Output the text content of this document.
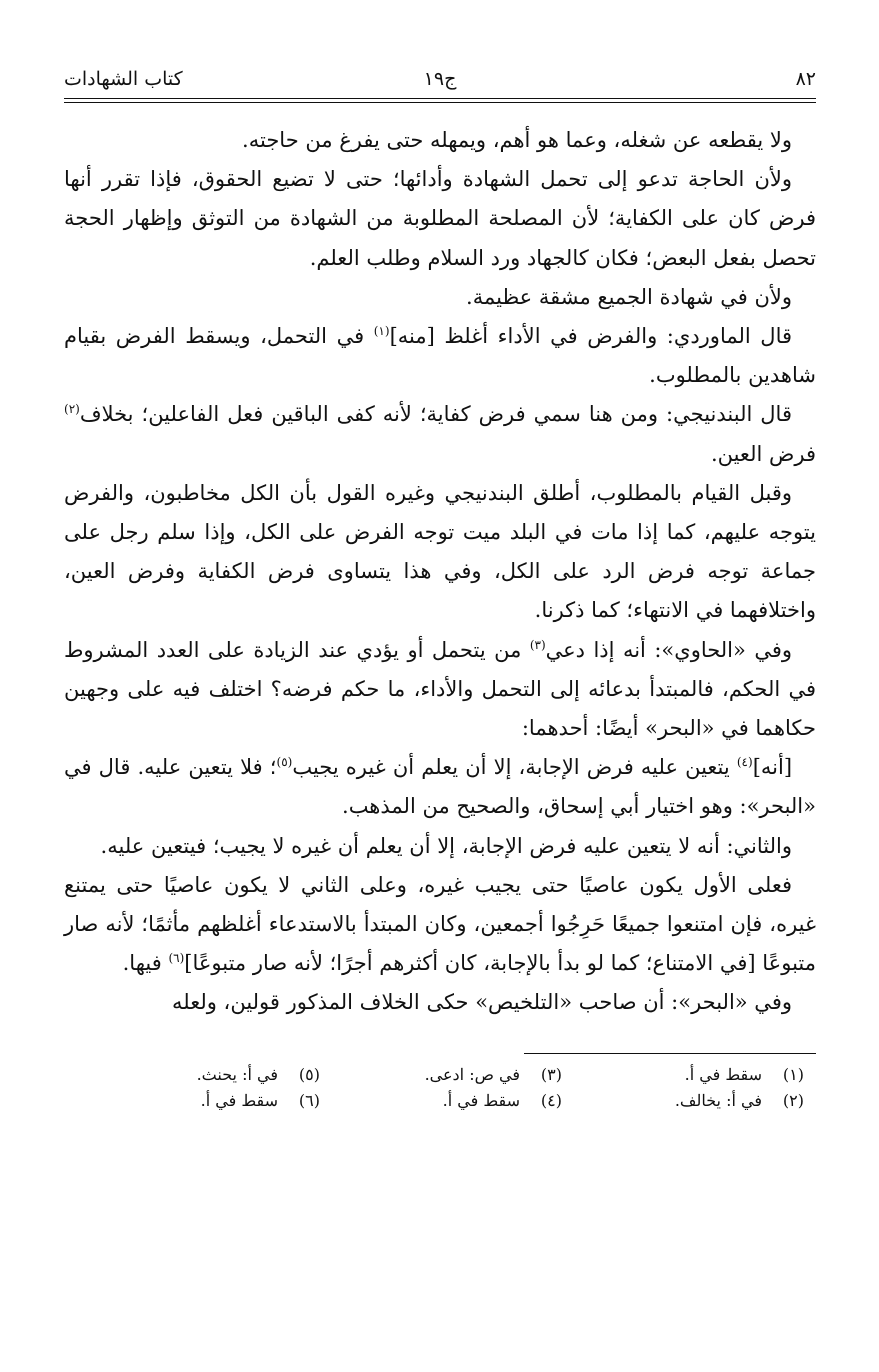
٨٢
ج١٩
كتاب الشهادات

ولا يقطعه عن شغله، وعما هو أهم، ويمهله حتى يفرغ من حاجته.

ولأن الحاجة تدعو إلى تحمل الشهادة وأدائها؛ حتى لا تضيع الحقوق، فإذا تقرر أنها فرض كان على الكفاية؛ لأن المصلحة المطلوبة من الشهادة من التوثق وإظهار الحجة تحصل بفعل البعض؛ فكان كالجهاد ورد السلام وطلب العلم.

ولأن في شهادة الجميع مشقة عظيمة.

قال الماوردي: والفرض في الأداء أغلظ [منه]$^{(١)}$ في التحمل، ويسقط الفرض بقيام شاهدين بالمطلوب.

قال البندنيجي: ومن هنا سمي فرض كفاية؛ لأنه كفى الباقين فعل الفاعلين؛ بخلاف$^{(٢)}$ فرض العين.

وقبل القيام بالمطلوب، أطلق البندنيجي وغيره القول بأن الكل مخاطبون، والفرض يتوجه عليهم، كما إذا مات في البلد ميت توجه الفرض على الكل، وإذا سلم رجل على جماعة توجه فرض الرد على الكل، وفي هذا يتساوى فرض الكفاية وفرض العين، واختلافهما في الانتهاء؛ كما ذكرنا.

وفي «الحاوي»: أنه إذا دعي$^{(٣)}$ من يتحمل أو يؤدي عند الزيادة على العدد المشروط في الحكم، فالمبتدأ بدعائه إلى التحمل والأداء، ما حكم فرضه؟ اختلف فيه على وجهين حكاهما في «البحر» أيضًا: أحدهما:

[أنه]$^{(٤)}$ يتعين عليه فرض الإجابة، إلا أن يعلم أن غيره يجيب$^{(٥)}$؛ فلا يتعين عليه. قال في «البحر»: وهو اختيار أبي إسحاق، والصحيح من المذهب.

والثاني: أنه لا يتعين عليه فرض الإجابة، إلا أن يعلم أن غيره لا يجيب؛ فيتعين عليه.

فعلى الأول يكون عاصيًا حتى يجيب غيره، وعلى الثاني لا يكون عاصيًا حتى يمتنع غيره، فإن امتنعوا جميعًا حَرِجُوا أجمعين، وكان المبتدأ بالاستدعاء أغلظهم مأثمًا؛ لأنه صار متبوعًا [في الامتناع؛ كما لو بدأ بالإجابة، كان أكثرهم أجرًا؛ لأنه صار متبوعًا]$^{(٦)}$ فيها.

وفي «البحر»: أن صاحب «التلخيص» حكى الخلاف المذكور قولين، ولعله

(١)سقط في أ.
(٣)في ص: ادعى.
(٥)في أ: يحنث.
(٢)في أ: يخالف.
(٤)سقط في أ.
(٦)سقط في أ.
